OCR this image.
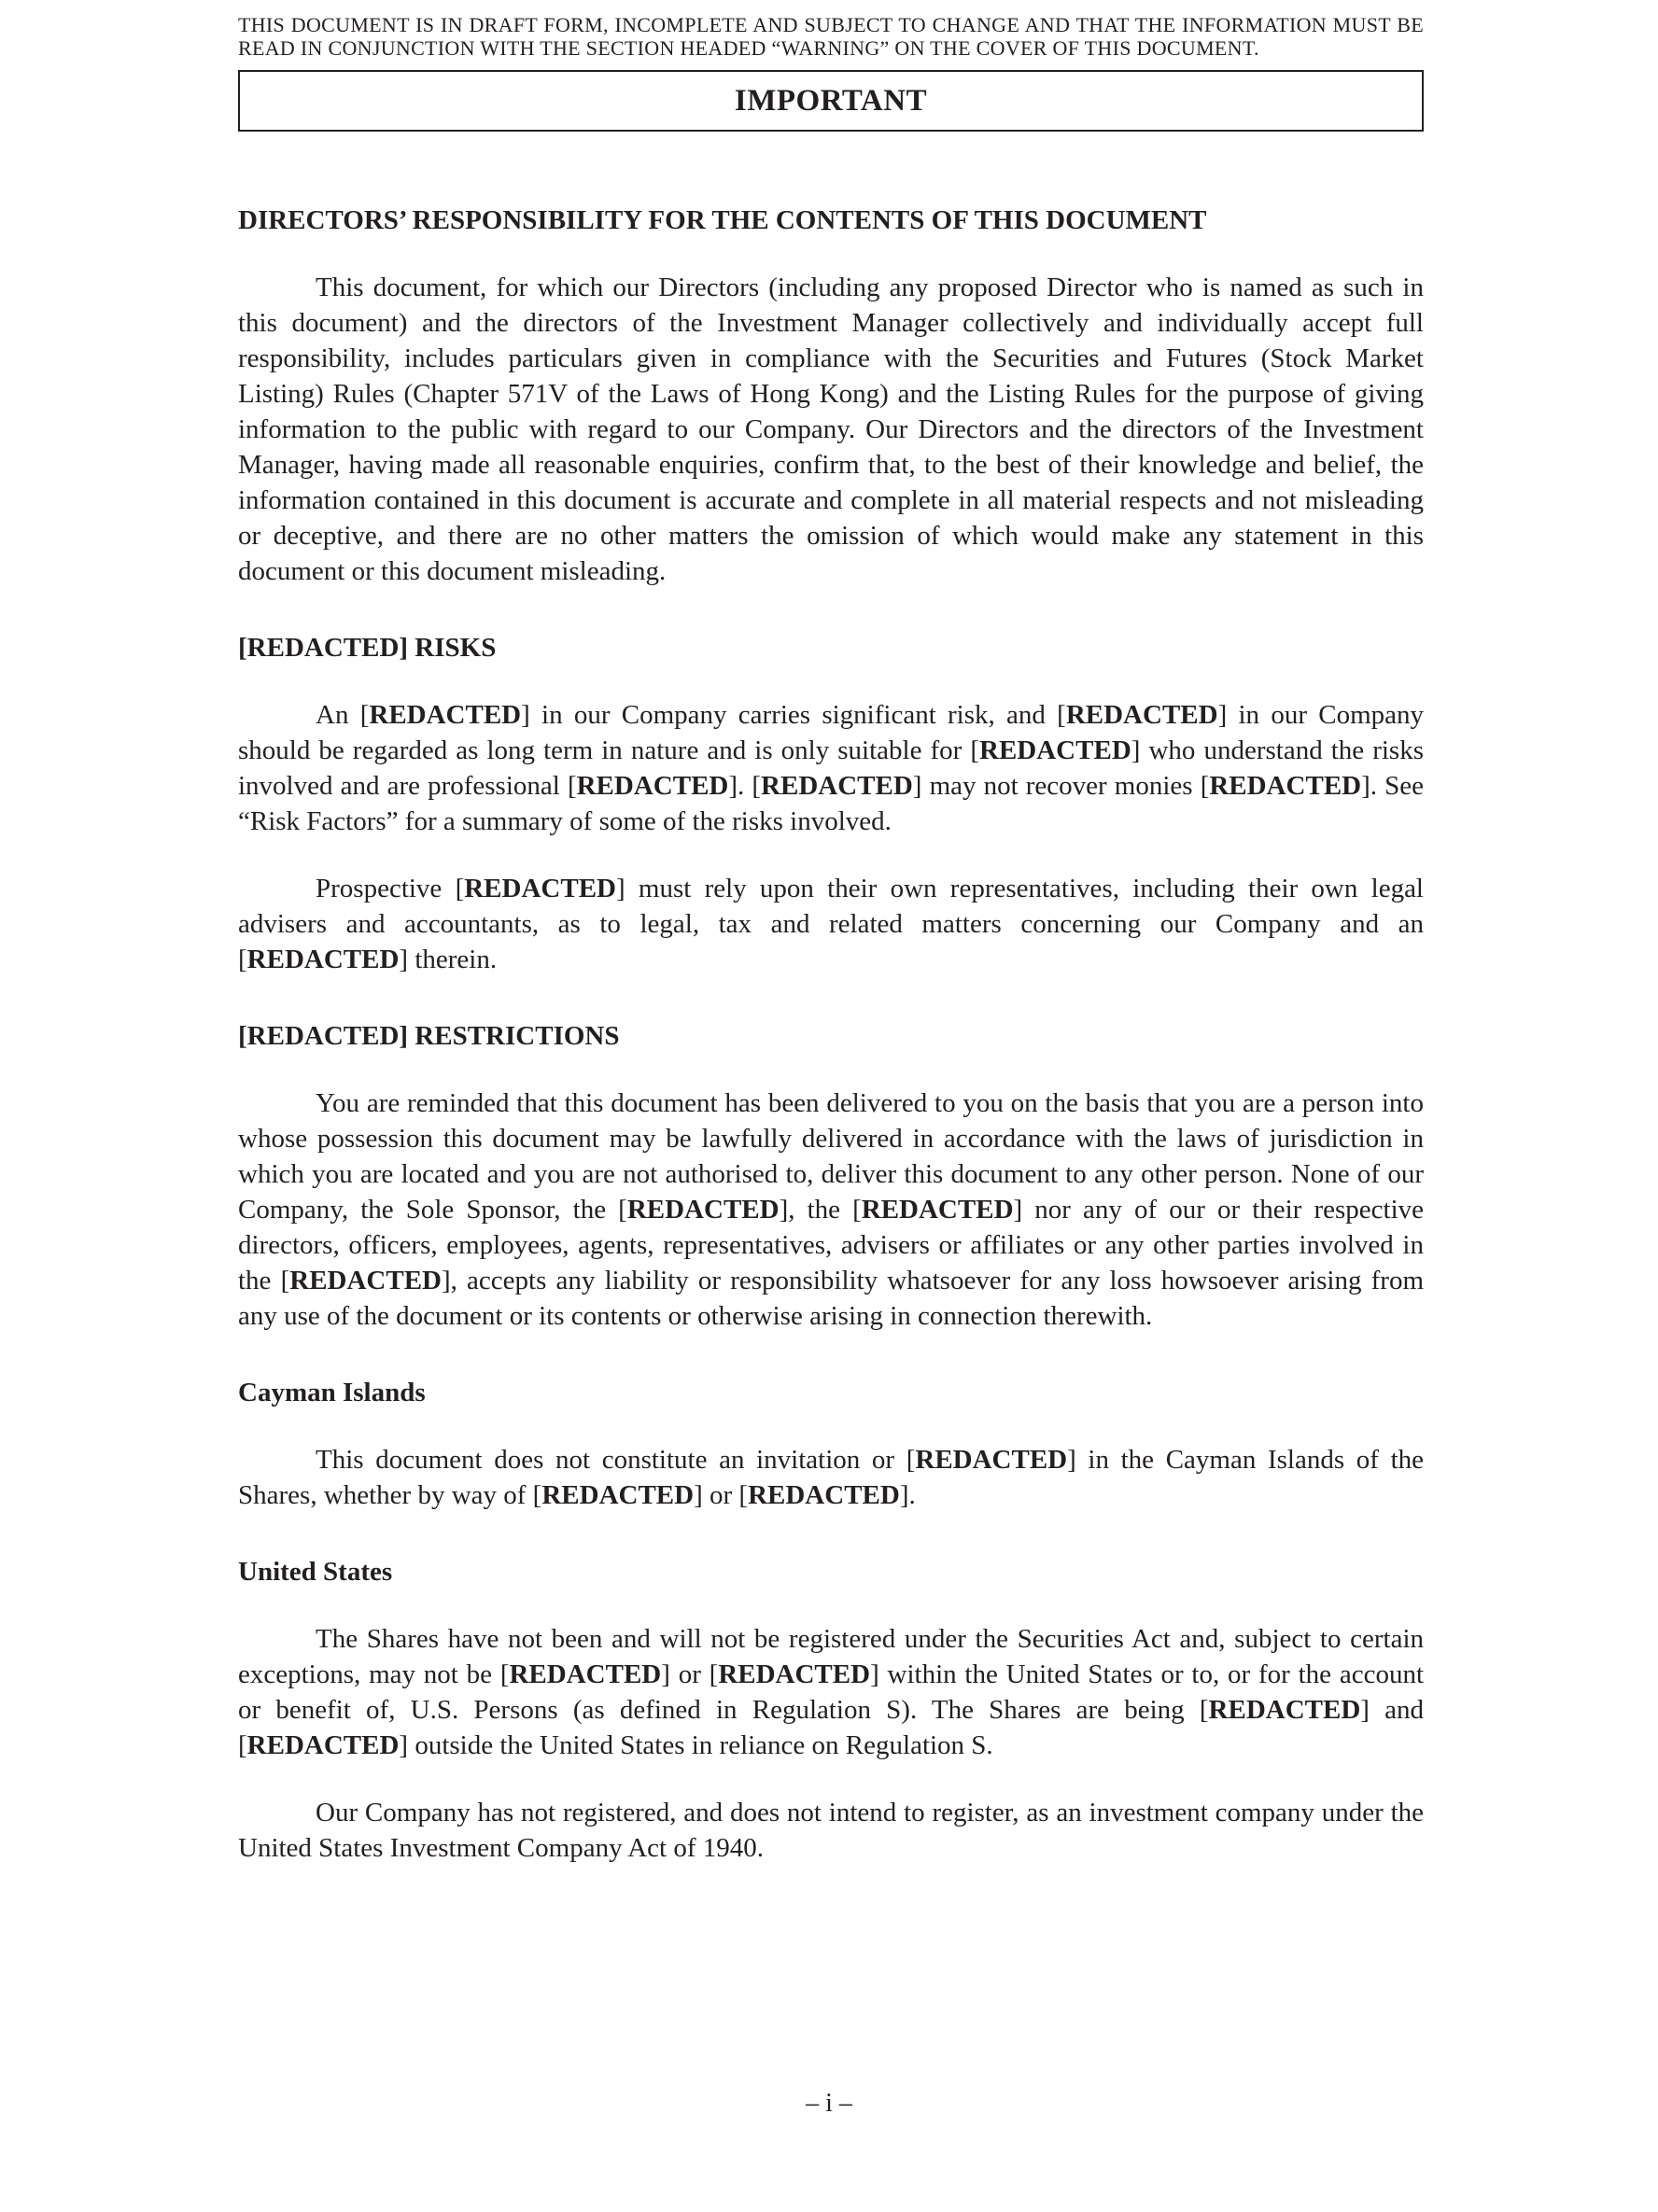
THIS DOCUMENT IS IN DRAFT FORM, INCOMPLETE AND SUBJECT TO CHANGE AND THAT THE INFORMATION MUST BE READ IN CONJUNCTION WITH THE SECTION HEADED “WARNING” ON THE COVER OF THIS DOCUMENT.

IMPORTANT
DIRECTORS’ RESPONSIBILITY FOR THE CONTENTS OF THIS DOCUMENT

This document, for which our Directors (including any proposed Director who is named as such in this document) and the directors of the Investment Manager collectively and individually accept full responsibility, includes particulars given in compliance with the Securities and Futures (Stock Market Listing) Rules (Chapter 571V of the Laws of Hong Kong) and the Listing Rules for the purpose of giving information to the public with regard to our Company. Our Directors and the directors of the Investment Manager, having made all reasonable enquiries, confirm that, to the best of their knowledge and belief, the information contained in this document is accurate and complete in all material respects and not misleading or deceptive, and there are no other matters the omission of which would make any statement in this document or this document misleading.

[REDACTED] RISKS

An [REDACTED] in our Company carries significant risk, and [REDACTED] in our Company should be regarded as long term in nature and is only suitable for [REDACTED] who understand the risks involved and are professional [REDACTED]. [REDACTED] may not recover monies [REDACTED]. See “Risk Factors” for a summary of some of the risks involved.

Prospective [REDACTED] must rely upon their own representatives, including their own legal advisers and accountants, as to legal, tax and related matters concerning our Company and an [REDACTED] therein.

[REDACTED] RESTRICTIONS

You are reminded that this document has been delivered to you on the basis that you are a person into whose possession this document may be lawfully delivered in accordance with the laws of jurisdiction in which you are located and you are not authorised to, deliver this document to any other person. None of our Company, the Sole Sponsor, the [REDACTED], the [REDACTED] nor any of our or their respective directors, officers, employees, agents, representatives, advisers or affiliates or any other parties involved in the [REDACTED], accepts any liability or responsibility whatsoever for any loss howsoever arising from any use of the document or its contents or otherwise arising in connection therewith.

Cayman Islands

This document does not constitute an invitation or [REDACTED] in the Cayman Islands of the Shares, whether by way of [REDACTED] or [REDACTED].

United States

The Shares have not been and will not be registered under the Securities Act and, subject to certain exceptions, may not be [REDACTED] or [REDACTED] within the United States or to, or for the account or benefit of, U.S. Persons (as defined in Regulation S). The Shares are being [REDACTED] and [REDACTED] outside the United States in reliance on Regulation S.

Our Company has not registered, and does not intend to register, as an investment company under the United States Investment Company Act of 1940.

– i –
